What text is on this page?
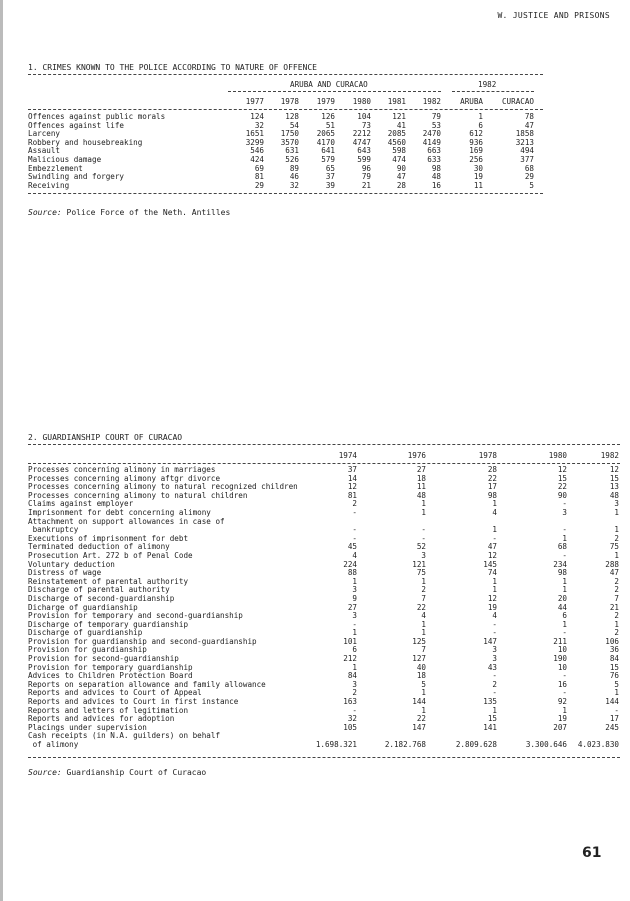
W. JUSTICE AND PRISONS
1. CRIMES KNOWN TO THE POLICE ACCORDING TO NATURE OF OFFENCE
ARUBA AND CURACAO	1982
1977	1978	1979	1980	1981	1982	ARUBA	CURACAO
Offences against public morals	124	128	126	104	121	79	1	78
Offences against life	32	54	51	73	41	53	6	47
Larceny	1651	1750	2065	2212	2085	2470	612	1858
Robbery and housebreaking	3299	3570	4170	4747	4560	4149	936	3213
Assault	546	631	641	643	598	663	169	494
Malicious damage	424	526	579	599	474	633	256	377
Embezzlement	69	89	65	96	90	98	30	68
Swindling and forgery	81	46	37	79	47	48	19	29
Receiving	29	32	39	21	28	16	11	5
Source: Police Force of the Neth. Antilles
2. GUARDIANSHIP COURT OF CURACAO
1974	1976	1978	1980	1982
Processes concerning alimony in marriages	37	27	28	12	12
Processes concerning alimony aftgr divorce	14	18	22	15	15
Processes concerning alimony to natural recognized children	12	11	17	22	13
Processes concerning alimony to natural children	81	48	98	90	48
Claims against employer	2	1	1	-	3
Imprisonment for debt concerning alimony	-	1	4	3	1
Attachment on support allowances in case of
bankruptcy	-	-	1	-	1
Executions of imprisonment for debt	-	-	-	1	2
Terminated deduction of alimony	45	52	47	68	75
Prosecution Art. 272 b of Penal Code	4	3	12	-	1
Voluntary deduction	224	121	145	234	288
Distress of wage	88	75	74	98	47
Reinstatement of parental authority	1	1	1	1	2
Discharge of parental authority	3	2	1	1	2
Discharge of second-guardianship	9	7	12	20	7
Dicharge of guardianship	27	22	19	44	21
Provision for temporary and second-guardianship	3	4	4	6	2
Discharge of temporary guardianship	-	1	-	1	1
Discharge of guardianship	1	1	-	-	2
Provision for guardianship and second-guardianship	101	125	147	211	106
Provision for guardianship	6	7	3	10	36
Provision for second-guardianship	212	127	3	190	84
Provision for temporary guardianship	1	40	43	10	15
Advices to Children Protection Board	84	18	-	-	76
Reports on separation allowance and family allowance	3	5	2	16	5
Reports and advices to Court of Appeal	2	1	-	-	1
Reports and advices to Court in first instance	163	144	135	92	144
Reports and letters of legitimation	-	1	1	1	-
Reports and advices for adoption	32	22	15	19	17
Placings under supervision	105	147	141	207	245
Cash receipts (in N.A. guilders) on behalf
of alimony	1.698.321	2.182.768	2.809.628	3.300.646	4.023.830
Source: Guardianship Court of Curacao
61
